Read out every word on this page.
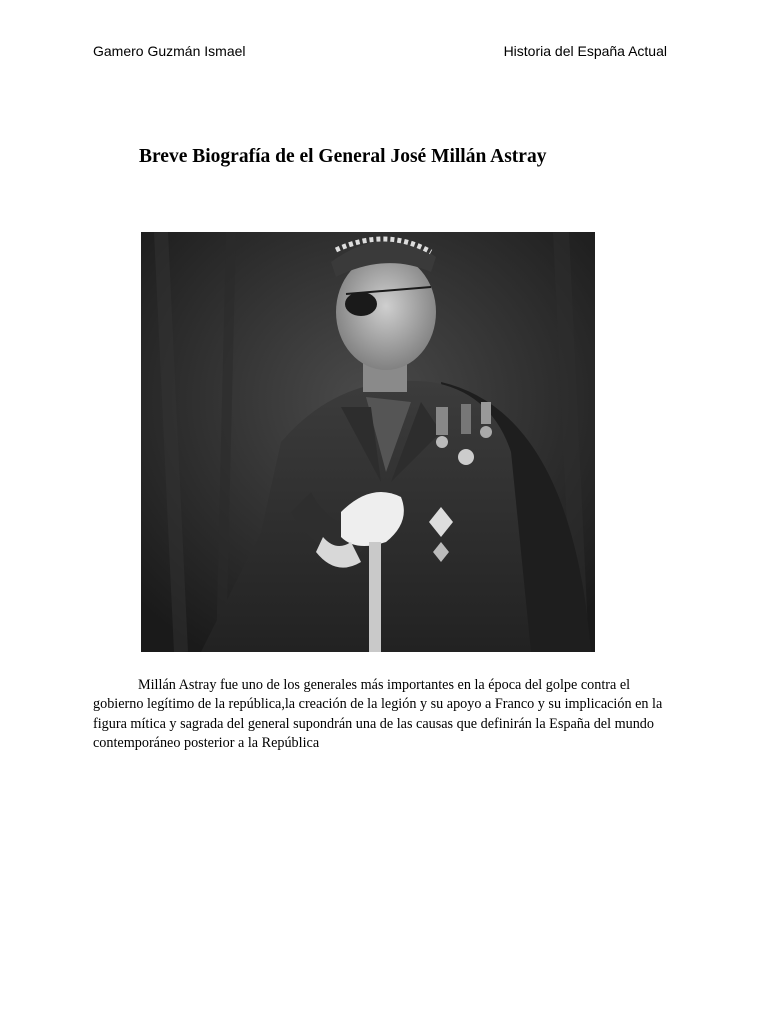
Gamero Guzmán Ismael	Historia del España Actual
Breve Biografía de el General José Millán Astray

Millán Astray fue uno de los generales más importantes en la época del golpe contra el gobierno legítimo de la república,la creación de la legión y su apoyo a Franco y su implicación en la figura mítica y sagrada del general supondrán una de las causas que definirán la España del mundo contemporáneo posterior a la República
